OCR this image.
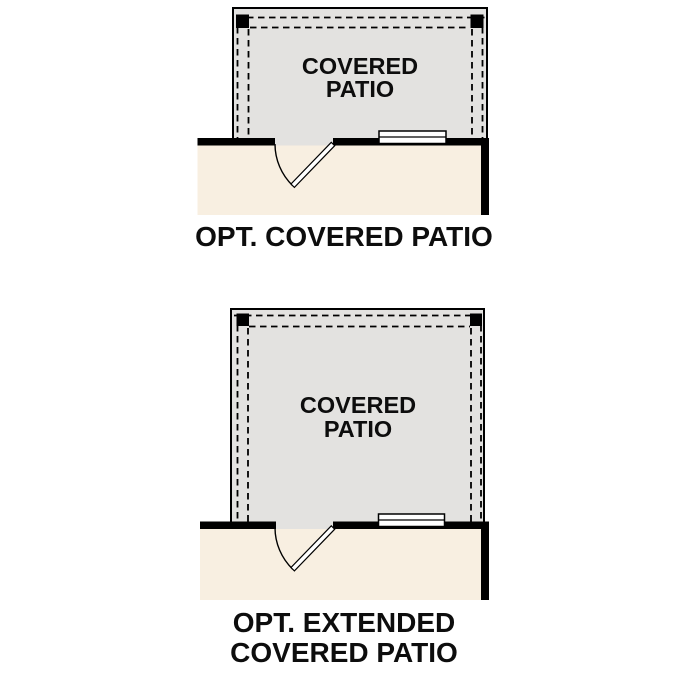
COVERED
PATIO
OPT. COVERED PATIO
COVERED
PATIO
OPT. EXTENDED
COVERED PATIO
